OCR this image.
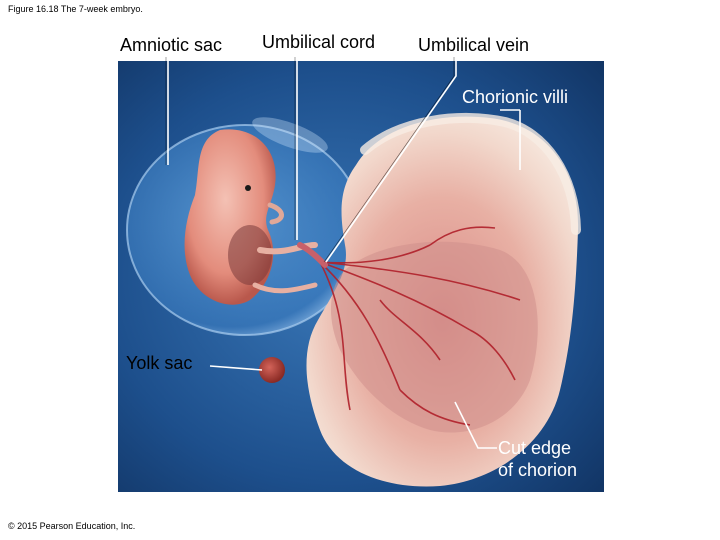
Figure 16.18 The 7-week embryo.
Amniotic sac Umbilical cord Umbilical vein
Chorionic villi
Yolk sac
Cut edge
of chorion
© 2015 Pearson Education, Inc.
